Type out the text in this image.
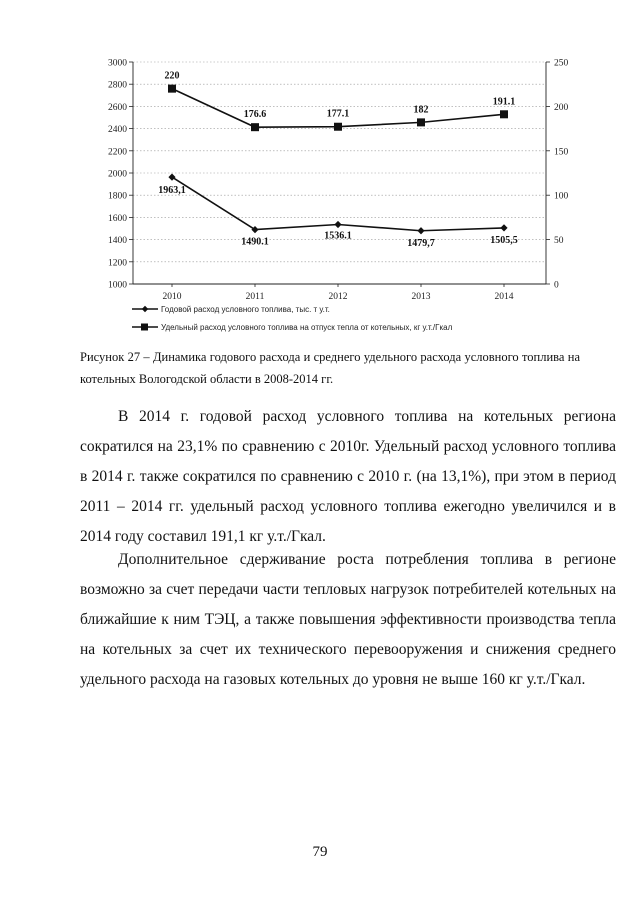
1000
1200
1400
1600
1800
2000
2200
2400
2600
2800
3000
0
50
100
150
200
250
2010	2011	2012	2013	2014
1963,1
1490.1
1536.1
1479,7	1505,5
220
176.6	177.1	182
191.1
Годовой расход условного топлива, тыс. т у.т.
Удельный расход условного топлива на отпуск тепла от котельных, кг у.т./Гкал

Рисунок 27 – Динамика годового расхода и среднего удельного расхода условного топлива на котельных Вологодской области в 2008-2014 гг.

В 2014 г. годовой расход условного топлива на котельных региона сократился на 23,1% по сравнению с 2010г. Удельный расход условного топлива в 2014 г. также сократился по сравнению с 2010 г. (на 13,1%), при этом в период 2011 – 2014 гг. удельный расход условного топлива ежегодно увеличился и в 2014 году составил 191,1 кг у.т./Гкал.

Дополнительное сдерживание роста потребления топлива в регионе возможно за счет передачи части тепловых нагрузок потребителей котельных на ближайшие к ним ТЭЦ, а также повышения эффективности производства тепла на котельных за счет их технического перевооружения и снижения среднего удельного расхода на газовых котельных до уровня не выше 160 кг у.т./Гкал.

79
